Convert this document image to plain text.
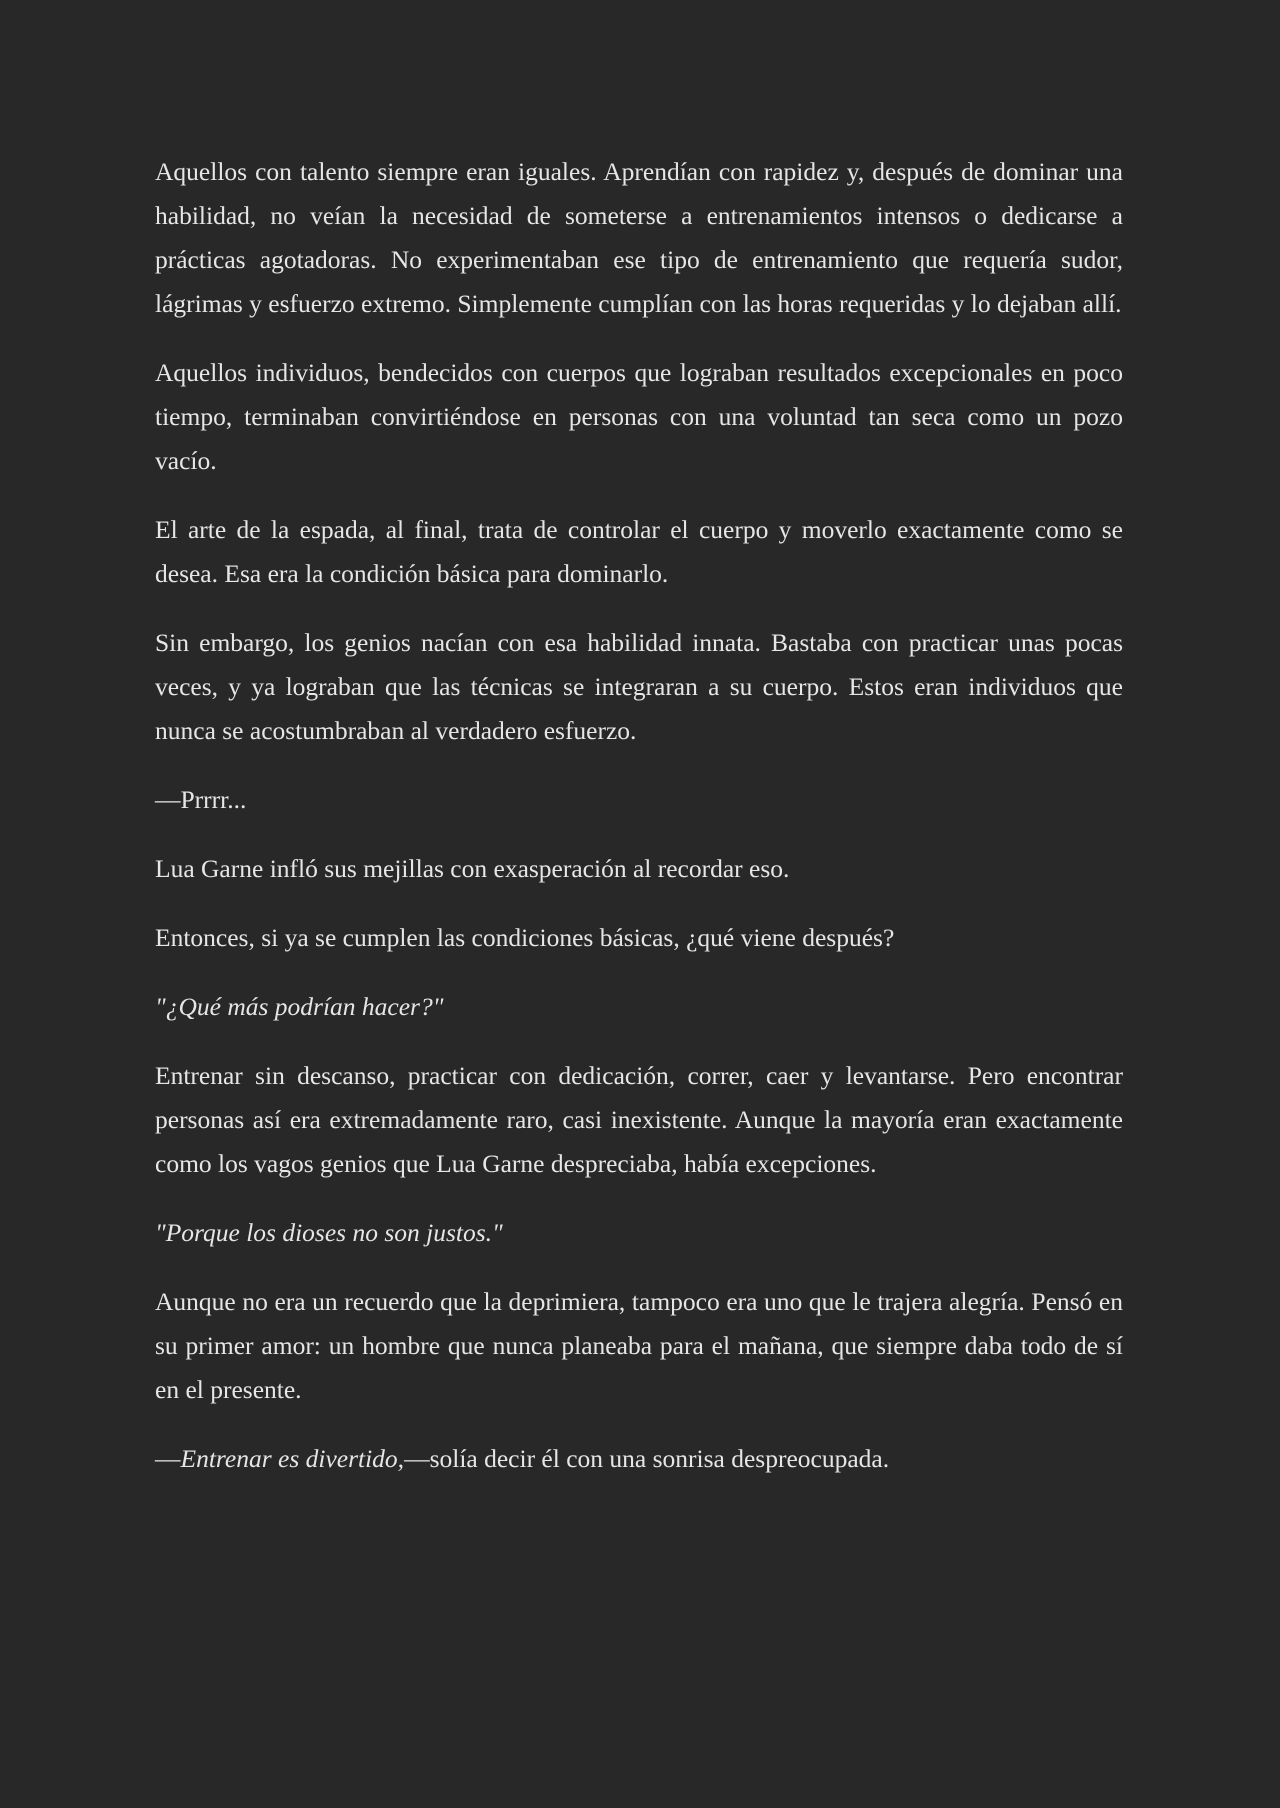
Aquellos con talento siempre eran iguales. Aprendían con rapidez y, después de dominar una habilidad, no veían la necesidad de someterse a entrenamientos intensos o dedicarse a prácticas agotadoras. No experimentaban ese tipo de entrenamiento que requería sudor, lágrimas y esfuerzo extremo. Simplemente cumplían con las horas requeridas y lo dejaban allí.

Aquellos individuos, bendecidos con cuerpos que lograban resultados excepcionales en poco tiempo, terminaban convirtiéndose en personas con una voluntad tan seca como un pozo vacío.

El arte de la espada, al final, trata de controlar el cuerpo y moverlo exactamente como se desea. Esa era la condición básica para dominarlo.

Sin embargo, los genios nacían con esa habilidad innata. Bastaba con practicar unas pocas veces, y ya lograban que las técnicas se integraran a su cuerpo. Estos eran individuos que nunca se acostumbraban al verdadero esfuerzo.

—Prrrr...

Lua Garne infló sus mejillas con exasperación al recordar eso.

Entonces, si ya se cumplen las condiciones básicas, ¿qué viene después?

"¿Qué más podrían hacer?"

Entrenar sin descanso, practicar con dedicación, correr, caer y levantarse. Pero encontrar personas así era extremadamente raro, casi inexistente. Aunque la mayoría eran exactamente como los vagos genios que Lua Garne despreciaba, había excepciones.

"Porque los dioses no son justos."

Aunque no era un recuerdo que la deprimiera, tampoco era uno que le trajera alegría. Pensó en su primer amor: un hombre que nunca planeaba para el mañana, que siempre daba todo de sí en el presente.

—Entrenar es divertido,—solía decir él con una sonrisa despreocupada.
